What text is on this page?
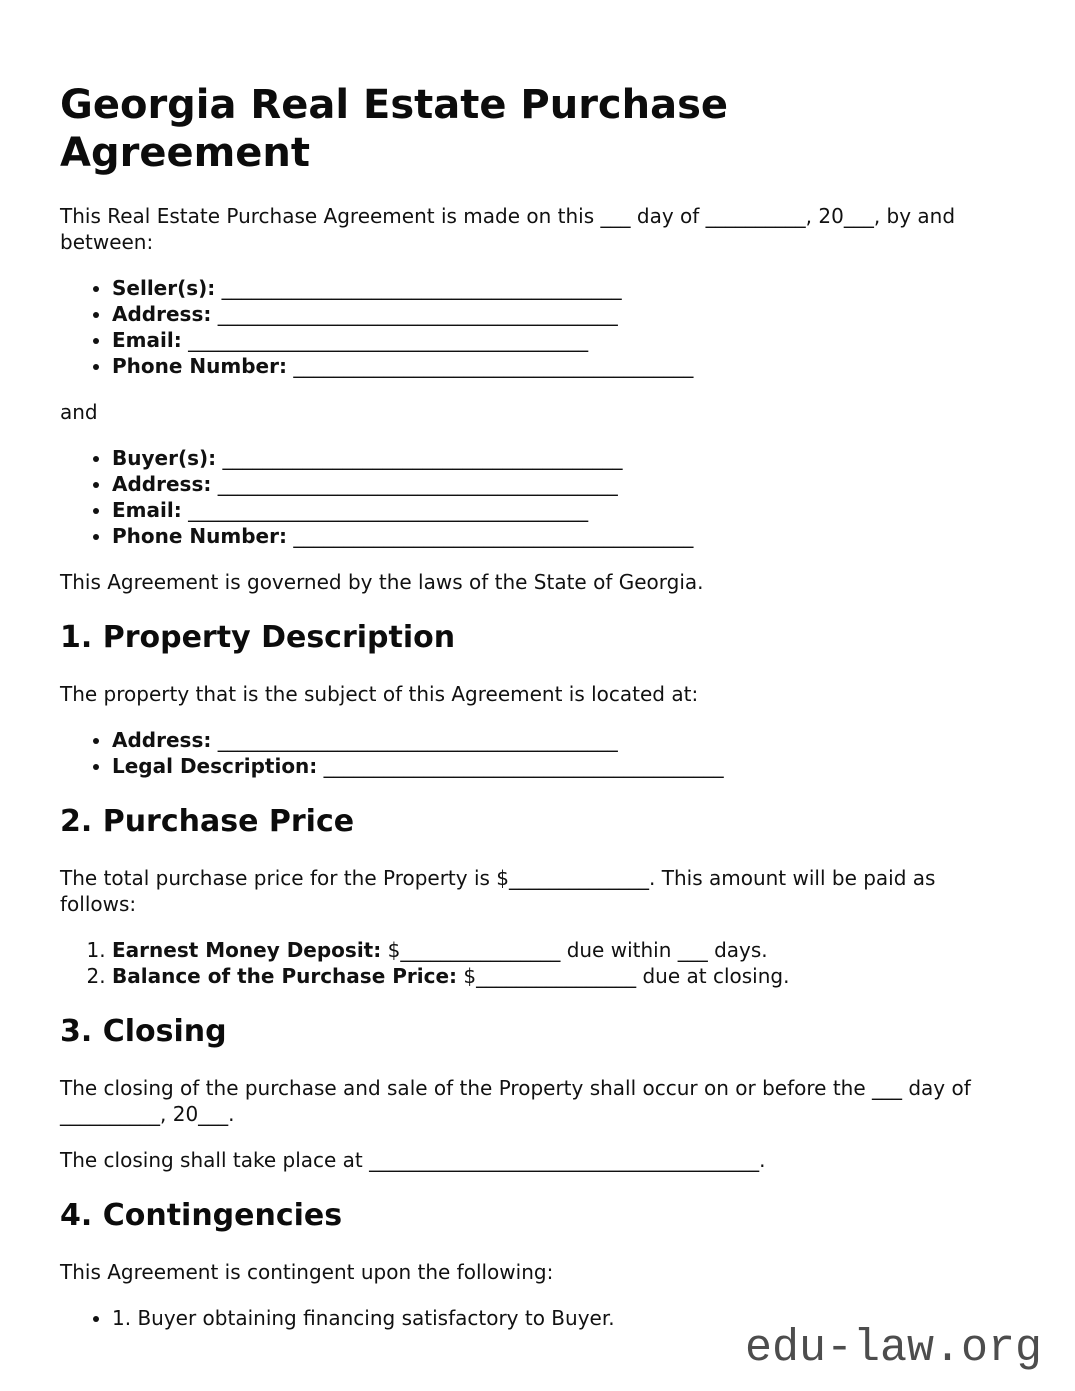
Georgia Real Estate Purchase Agreement

This Real Estate Purchase Agreement is made on this ___ day of __________, 20___, by and between:

• Seller(s): ________________________________________
• Address: ________________________________________
• Email: ________________________________________
• Phone Number: ________________________________________

and

• Buyer(s): ________________________________________
• Address: ________________________________________
• Email: ________________________________________
• Phone Number: ________________________________________

This Agreement is governed by the laws of the State of Georgia.

1. Property Description

The property that is the subject of this Agreement is located at:

• Address: ________________________________________
• Legal Description: ________________________________________
2. Purchase Price

The total purchase price for the Property is $______________. This amount will be paid as follows:

1. Earnest Money Deposit: $________________ due within ___ days.
2. Balance of the Purchase Price: $________________ due at closing.
3. Closing

The closing of the purchase and sale of the Property shall occur on or before the ___ day of __________, 20___.

The closing shall take place at _______________________________________.

4. Contingencies

This Agreement is contingent upon the following:

• 1. Buyer obtaining financing satisfactory to Buyer.
edu-law.org
